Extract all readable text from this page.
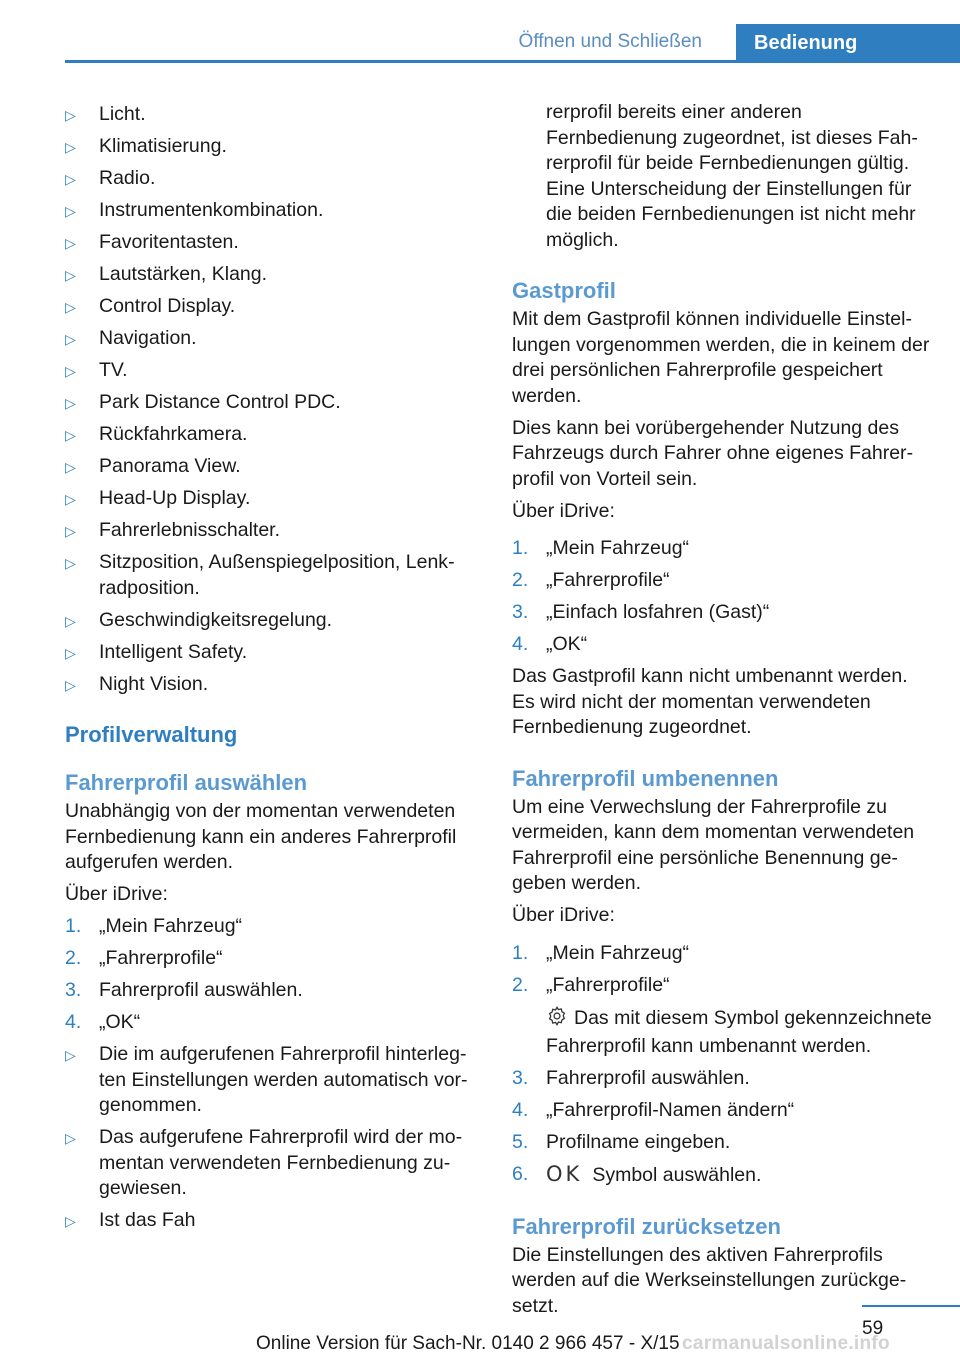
Öffnen und Schließen	Bedienung
▷ Licht.
▷ Klimatisierung.
▷ Radio.
▷ Instrumentenkombination.
▷ Favoritentasten.
▷ Lautstärken, Klang.
▷ Control Display.
▷ Navigation.
▷ TV.
▷ Park Distance Control PDC.
▷ Rückfahrkamera.
▷ Panorama View.
▷ Head-Up Display.
▷ Fahrerlebnisschalter.
▷ Sitzposition, Außenspiegelposition, Lenkradposition.
▷ Geschwindigkeitsregelung.
▷ Intelligent Safety.
▷ Night Vision.
Profilverwaltung
Fahrerprofil auswählen

Unabhängig von der momentan verwendeten Fernbedienung kann ein anderes Fahrerprofil aufgerufen werden.

Über iDrive:

1. „Mein Fahrzeug“
2. „Fahrerprofile“
3. Fahrerprofil auswählen.
4. „OK“
▷ Die im aufgerufenen Fahrerprofil hinterlegten Einstellungen werden automatisch vorgenommen.
▷ Das aufgerufene Fahrerprofil wird der momentan verwendeten Fernbedienung zugewiesen.
▷ Ist das Fah
rerprofil bereits einer anderen Fernbedienung zugeordnet, ist dieses Fahrerprofil für beide Fernbedienungen gültig. Eine Unterscheidung der Einstellungen für die beiden Fernbedienungen ist nicht mehr möglich.
Gastprofil

Mit dem Gastprofil können individuelle Einstellungen vorgenommen werden, die in keinem der drei persönlichen Fahrerprofile gespeichert werden.

Dies kann bei vorübergehender Nutzung des Fahrzeugs durch Fahrer ohne eigenes Fahrerprofil von Vorteil sein.

Über iDrive:

1. „Mein Fahrzeug“
2. „Fahrerprofile“
3. „Einfach losfahren (Gast)“
4. „OK“

Das Gastprofil kann nicht umbenannt werden. Es wird nicht der momentan verwendeten Fernbedienung zugeordnet.

Fahrerprofil umbenennen

Um eine Verwechslung der Fahrerprofile zu vermeiden, kann dem momentan verwendeten Fahrerprofil eine persönliche Benennung gegeben werden.

Über iDrive:

1. „Mein Fahrzeug“
2. „Fahrerprofile“
Das mit diesem Symbol gekennzeichnete Fahrerprofil kann umbenannt werden.
3. Fahrerprofil auswählen.
4. „Fahrerprofil-Namen ändern“
5. Profilname eingeben.
6. OK Symbol auswählen.
Fahrerprofil zurücksetzen

Die Einstellungen des aktiven Fahrerprofils werden auf die Werkseinstellungen zurückgesetzt.

59
Online Version für Sach-Nr. 0140 2 966 457 - X/15 carmanualsonline.info
